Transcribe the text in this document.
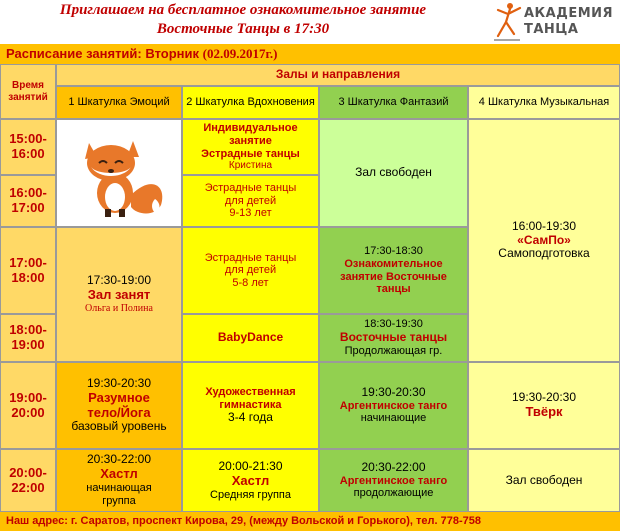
Приглашаем на бесплатное ознакомительное занятие
Восточные Танцы в 17:30
АКАДЕМИЯ
ТАНЦА
Расписание занятий: Вторник (02.09.2017г.)
Время занятий
Залы и направления
1 Шкатулка Эмоций 2 Шкатулка Вдохновения 3 Шкатулка Фантазий	4 Шкатулка Музыкальная
15:00-
16:00
16:00-
17:00
17:00-
18:00
18:00-
19:00
19:00-
20:00
20:00-
22:00
17:30-19:00
Зал занят
Ольга и Полина
19:30-20:30
Разумное тело/Йога
базовый уровень
20:30-22:00
Хастл
начинающая группа
Индивидуальное занятие
Эстрадные танцы
Кристина
Эстрадные танцы для детей
9-13 лет
Эстрадные танцы для детей
5-8 лет
BabyDance
Художественная гимнастика
3-4 года
20:00-21:30
Хастл
Средняя группа
Зал свободен
17:30-18:30
Ознакомительное занятие Восточные танцы
18:30-19:30
Восточные танцы
Продолжающая гр.
19:30-20:30
Аргентинское танго
начинающие
20:30-22:00
Аргентинское танго
продолжающие
16:00-19:30
«СамПо»
Самоподготовка
19:30-20:30
Твёрк
Зал свободен
Наш адрес: г. Саратов, проспект Кирова, 29, (между Вольской и Горького), тел. 778-758
